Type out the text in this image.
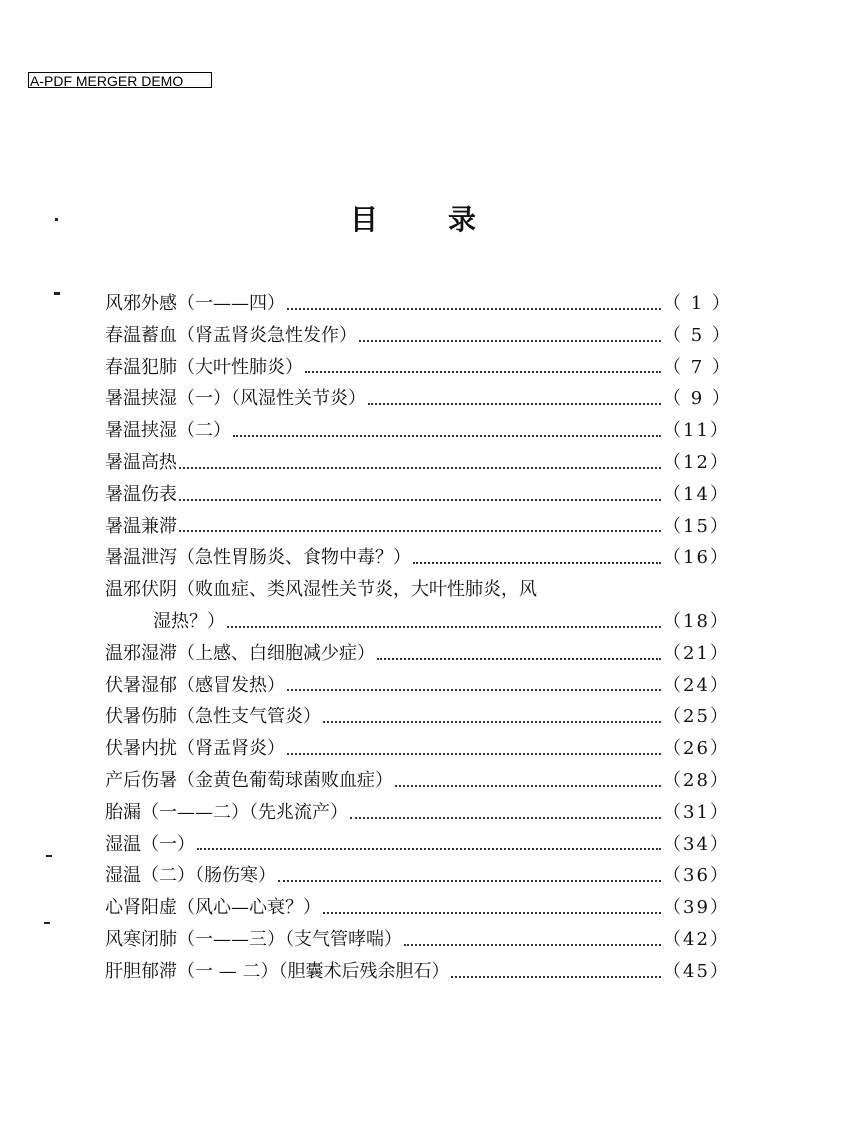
A-PDF MERGER DEMO
目 录
风邪外感（一——四）	（ 1 ）
春温蓄血（肾盂肾炎急性发作）	（ 5 ）
春温犯肺（大叶性肺炎）	（ 7 ）
暑温挟湿（一）（风湿性关节炎）	（ 9 ）
暑温挟湿（二）	（11）
暑温高热	（12）
暑温伤表	（14）
暑温兼滞	（15）
暑温泄泻（急性胃肠炎、食物中毒？）	（16）
温邪伏阴（败血症、类风湿性关节炎，大叶性肺炎，风
湿热？）	（18）
温邪湿滞（上感、白细胞减少症）	（21）
伏暑湿郁（感冒发热）	（24）
伏暑伤肺（急性支气管炎）	（25）
伏暑内扰（肾盂肾炎）	（26）
产后伤暑（金黄色葡萄球菌败血症）	（28）
胎漏（一——二）（先兆流产）	（31）
湿温（一）	（34）
湿温（二）（肠伤寒）	（36）
心肾阳虚（风心—心衰？）	（39）
风寒闭肺（一——三）（支气管哮喘）	（42）
肝胆郁滞（一 — 二）（胆囊术后残余胆石）	（45）
